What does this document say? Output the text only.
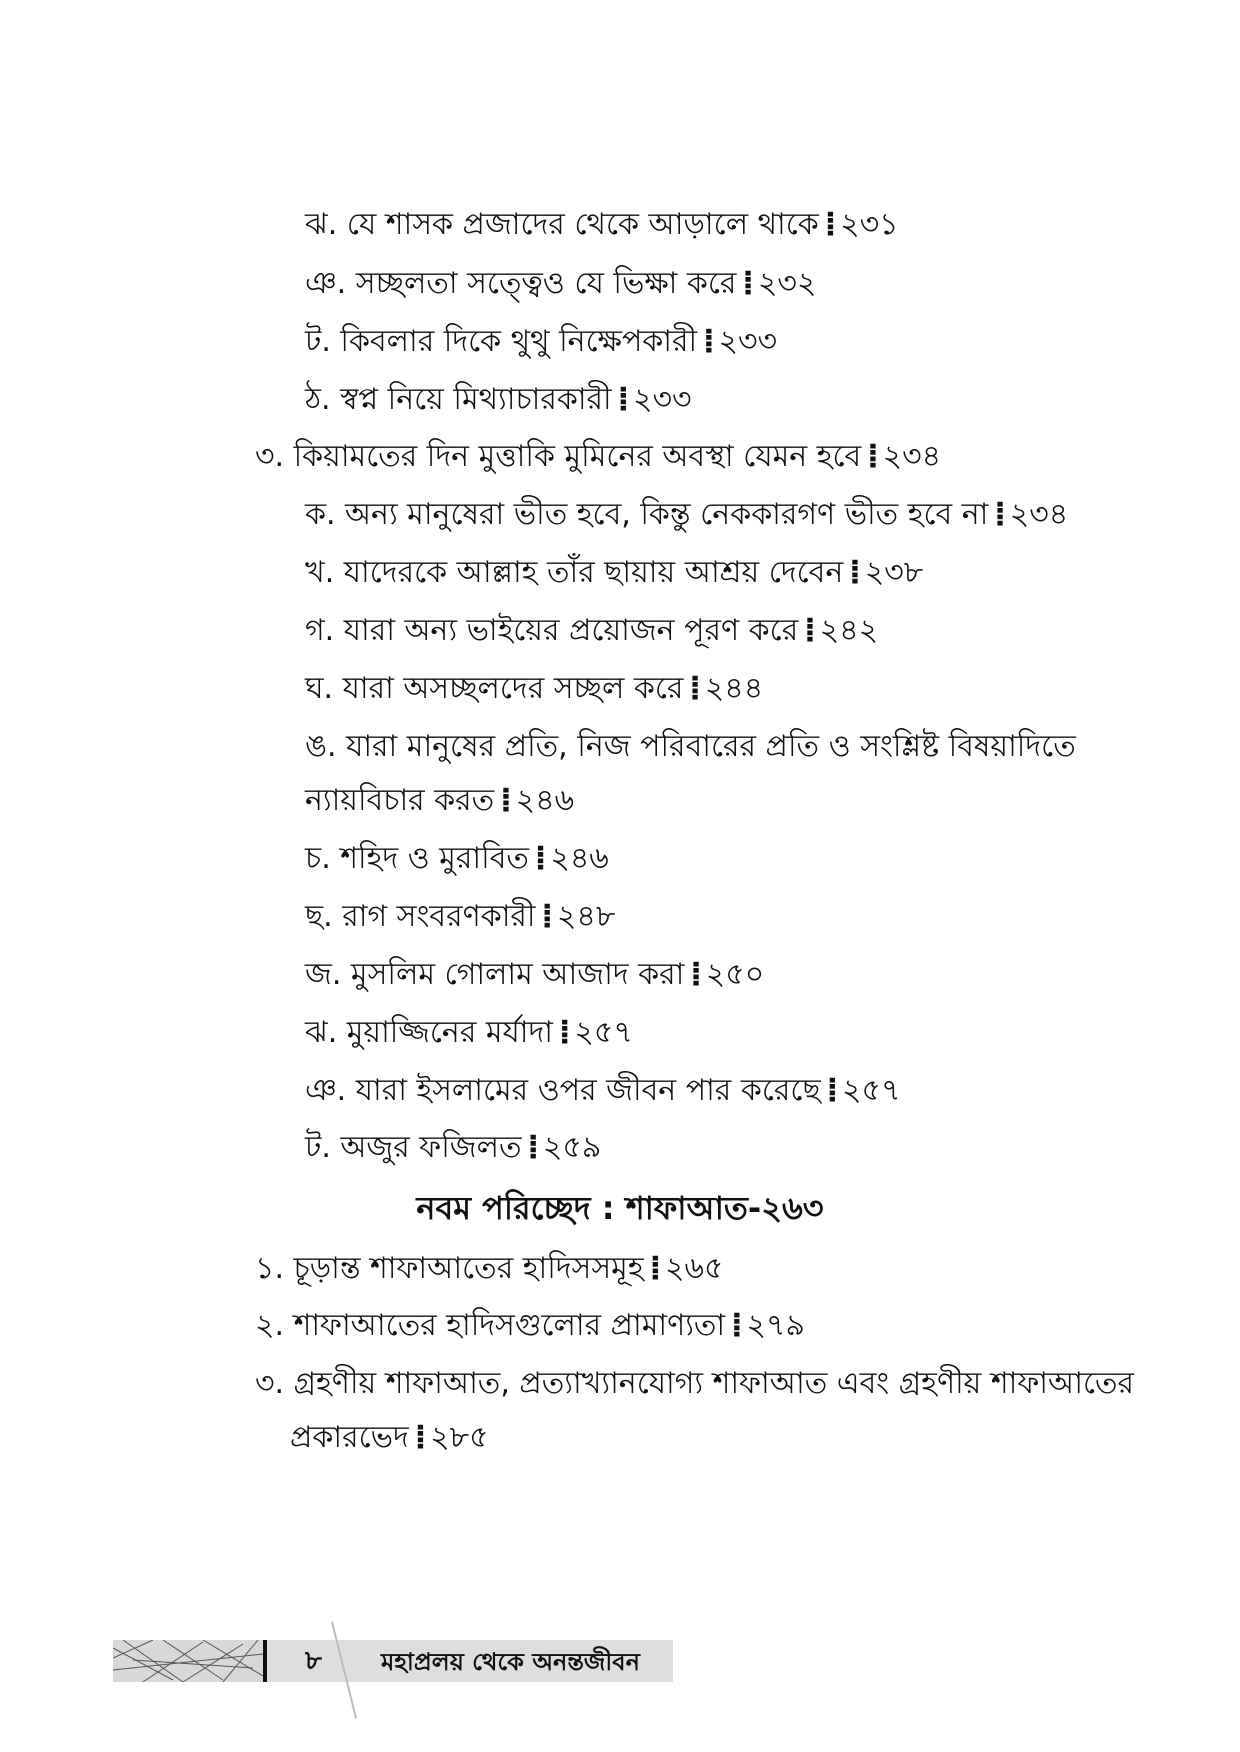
ঝ. যে শাসক প্রজাদের থেকে আড়ালে থাকে ⁞ ২৩১
ঞ. সচ্ছলতা সত্ত্বেও যে ভিক্ষা করে ⁞ ২৩২
ট. কিবলার দিকে থুথু নিক্ষেপকারী ⁞ ২৩৩
ঠ. স্বপ্ন নিয়ে মিথ্যাচারকারী ⁞ ২৩৩
৩. কিয়ামতের দিন মুত্তাকি মুমিনের অবস্থা যেমন হবে ⁞ ২৩৪
ক. অন্য মানুষেরা ভীত হবে, কিন্তু নেককারগণ ভীত হবে না ⁞ ২৩৪
খ. যাদেরকে আল্লাহ তাঁর ছায়ায় আশ্রয় দেবেন ⁞ ২৩৮
গ. যারা অন্য ভাইয়ের প্রয়োজন পূরণ করে ⁞ ২৪২
ঘ. যারা অসচ্ছলদের সচ্ছল করে ⁞ ২৪৪
ঙ. যারা মানুষের প্রতি, নিজ পরিবারের প্রতি ও সংশ্লিষ্ট বিষয়াদিতে
ন্যায়বিচার করত ⁞ ২৪৬
চ. শহিদ ও মুরাবিত ⁞ ২৪৬
ছ. রাগ সংবরণকারী ⁞ ২৪৮
জ. মুসলিম গোলাম আজাদ করা ⁞ ২৫০
ঝ. মুয়াজ্জিনের মর্যাদা ⁞ ২৫৭
ঞ. যারা ইসলামের ওপর জীবন পার করেছে ⁞ ২৫৭
ট. অজুর ফজিলত ⁞ ২৫৯
নবম পরিচ্ছেদ : শাফাআত-২৬৩
১. চূড়ান্ত শাফাআতের হাদিসসমূহ ⁞ ২৬৫
২. শাফাআতের হাদিসগুলোর প্রামাণ্যতা ⁞ ২৭৯
৩. গ্রহণীয় শাফাআত, প্রত্যাখ্যানযোগ্য শাফাআত এবং গ্রহণীয় শাফাআতের
প্রকারভেদ ⁞ ২৮৫
৮ মহাপ্রলয় থেকে অনন্তজীবন
